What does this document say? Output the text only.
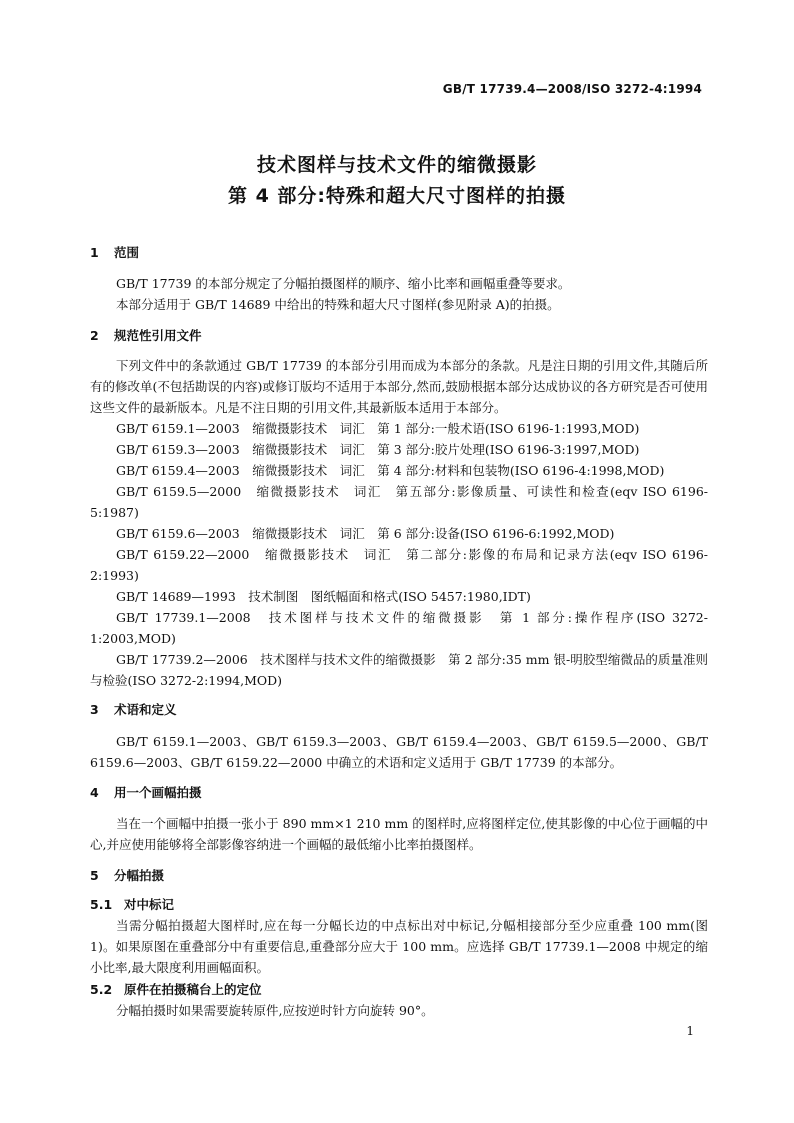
GB/T 17739.4—2008/ISO 3272-4:1994
技术图样与技术文件的缩微摄影
第 4 部分:特殊和超大尺寸图样的拍摄
1 范围

GB/T 17739 的本部分规定了分幅拍摄图样的顺序、缩小比率和画幅重叠等要求。

本部分适用于 GB/T 14689 中给出的特殊和超大尺寸图样(参见附录 A)的拍摄。

2 规范性引用文件

下列文件中的条款通过 GB/T 17739 的本部分引用而成为本部分的条款。凡是注日期的引用文件,其随后所有的修改单(不包括勘误的内容)或修订版均不适用于本部分,然而,鼓励根据本部分达成协议的各方研究是否可使用这些文件的最新版本。凡是不注日期的引用文件,其最新版本适用于本部分。

GB/T 6159.1—2003　缩微摄影技术　词汇　第 1 部分:一般术语(ISO 6196-1:1993,MOD)

GB/T 6159.3—2003　缩微摄影技术　词汇　第 3 部分:胶片处理(ISO 6196-3:1997,MOD)

GB/T 6159.4—2003　缩微摄影技术　词汇　第 4 部分:材料和包装物(ISO 6196-4:1998,MOD)

GB/T 6159.5—2000　缩微摄影技术　词汇　第五部分:影像质量、可读性和检查(eqv ISO 6196-5:1987)

GB/T 6159.6—2003　缩微摄影技术　词汇　第 6 部分:设备(ISO 6196-6:1992,MOD)

GB/T 6159.22—2000　缩微摄影技术　词汇　第二部分:影像的布局和记录方法(eqv ISO 6196-2:1993)

GB/T 14689—1993　技术制图　图纸幅面和格式(ISO 5457:1980,IDT)

GB/T 17739.1—2008　技术图样与技术文件的缩微摄影　第 1 部分:操作程序(ISO 3272-1:2003,MOD)

GB/T 17739.2—2006　技术图样与技术文件的缩微摄影　第 2 部分:35 mm 银-明胶型缩微品的质量准则与检验(ISO 3272-2:1994,MOD)

3 术语和定义

GB/T 6159.1—2003、GB/T 6159.3—2003、GB/T 6159.4—2003、GB/T 6159.5—2000、GB/T 6159.6—2003、GB/T 6159.22—2000 中确立的术语和定义适用于 GB/T 17739 的本部分。

4 用一个画幅拍摄

当在一个画幅中拍摄一张小于 890 mm×1 210 mm 的图样时,应将图样定位,使其影像的中心位于画幅的中心,并应使用能够将全部影像容纳进一个画幅的最低缩小比率拍摄图样。

5 分幅拍摄
5.1 对中标记

当需分幅拍摄超大图样时,应在每一分幅长边的中点标出对中标记,分幅相接部分至少应重叠 100 mm(图 1)。如果原图在重叠部分中有重要信息,重叠部分应大于 100 mm。应选择 GB/T 17739.1—2008 中规定的缩小比率,最大限度利用画幅面积。

5.2 原件在拍摄稿台上的定位

分幅拍摄时如果需要旋转原件,应按逆时针方向旋转 90°。

1
